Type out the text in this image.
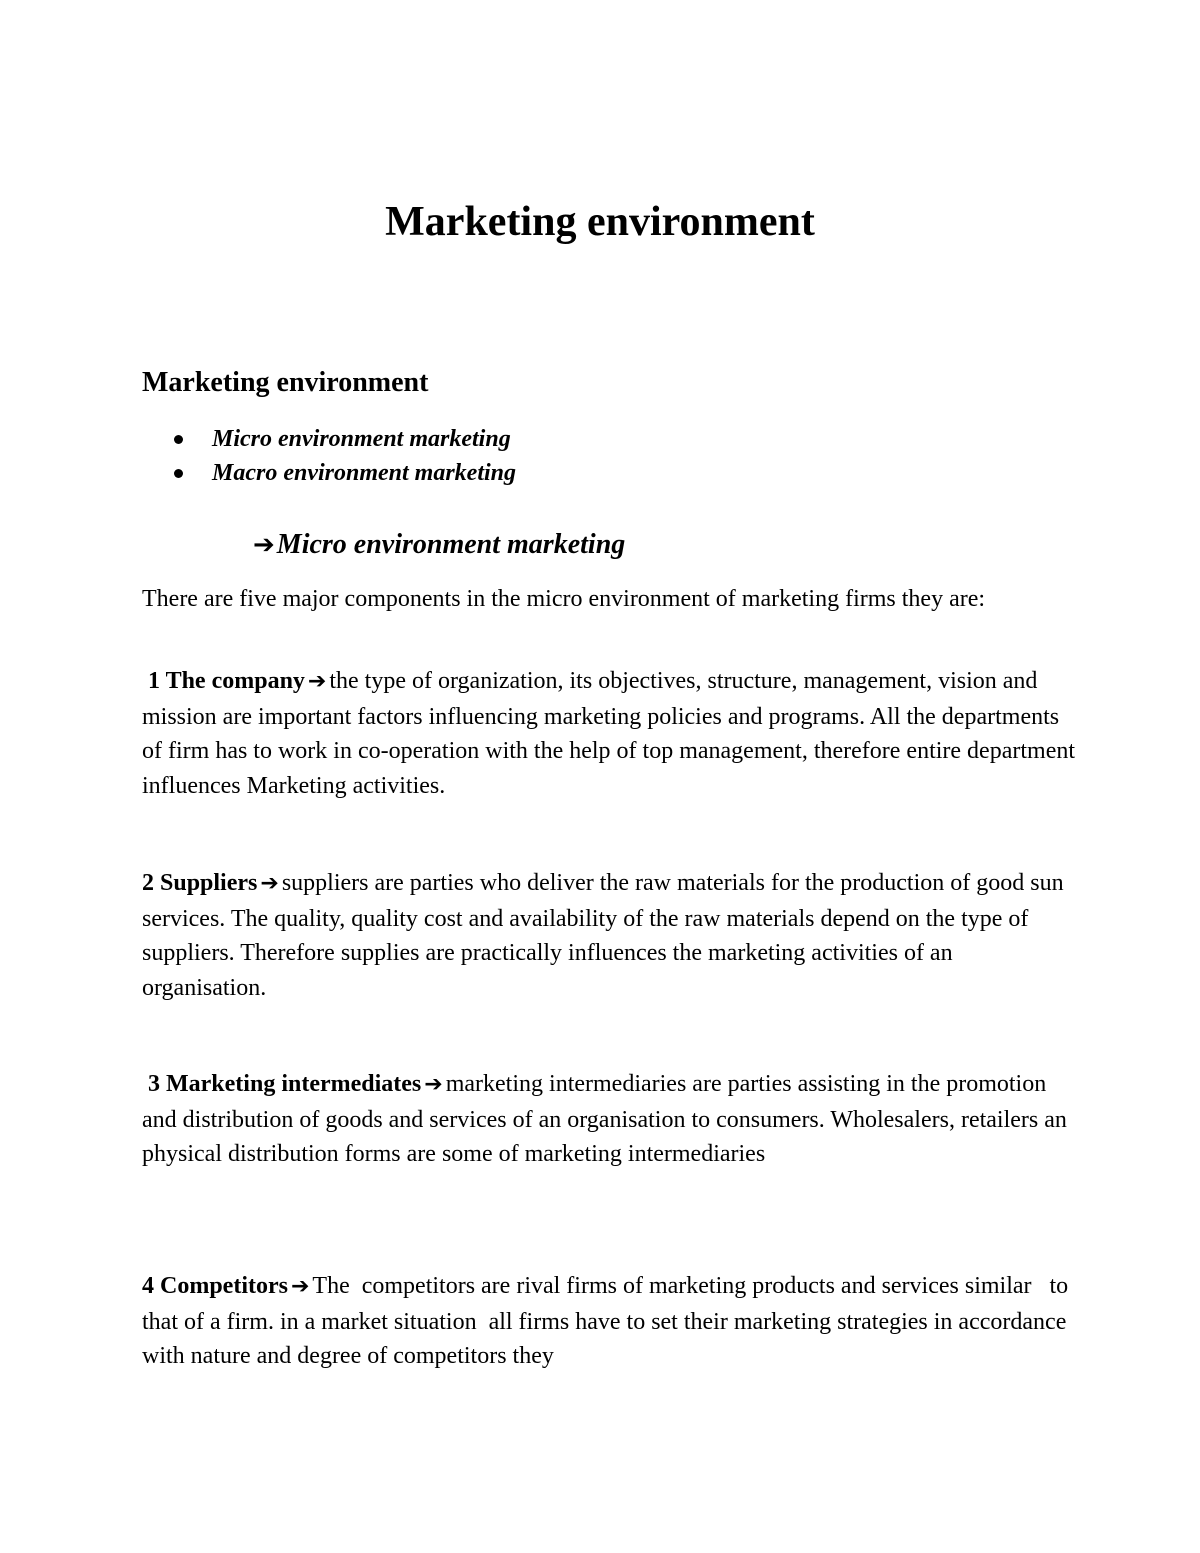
Marketing environment
Marketing environment
Micro environment marketing
Macro environment marketing
➔Micro environment marketing

There are five major components in the micro environment of marketing firms they are:

1 The company ➔ the type of organization, its objectives, structure, management, vision and mission are important factors influencing marketing policies and programs. All the departments of firm has to work in co-operation with the help of top management, therefore entire department influences Marketing activities.

2 Suppliers ➔ suppliers are parties who deliver the raw materials for the production of good sun services. The quality, quality cost and availability of the raw materials depend on the type of suppliers. Therefore supplies are practically influences the marketing activities of an organisation.

3 Marketing intermediates ➔ marketing intermediaries are parties assisting in the promotion and distribution of goods and services of an organisation to consumers. Wholesalers, retailers an physical distribution forms are some of marketing intermediaries

4 Competitors ➔ The  competitors are rival firms of marketing products and services similar   to that of a firm. in a market situation  all firms have to set their marketing strategies in accordance with nature and degree of competitors they
